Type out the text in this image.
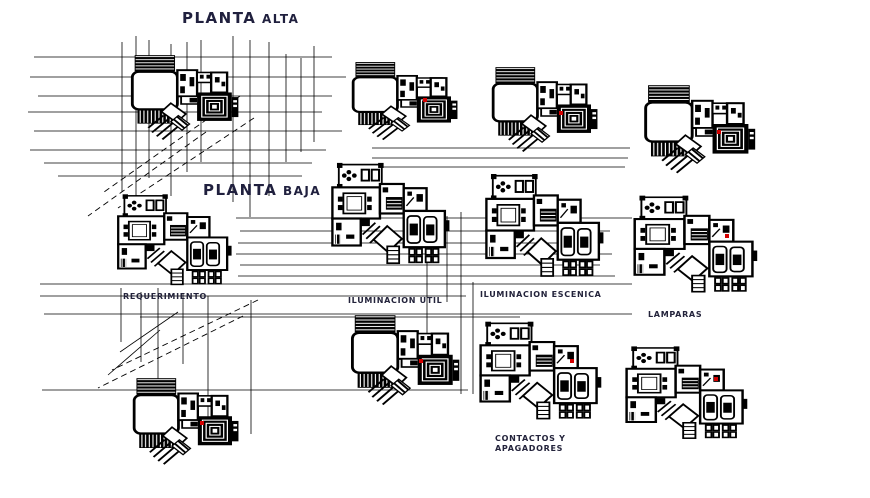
PLANTA ALTA
PLANTA BAJA
REQUERIMIENTO	ILUMINACION ÚTIL
ILUMINACION ESCENICA
LAMPARAS
CONTACTOS Y
APAGADORES
